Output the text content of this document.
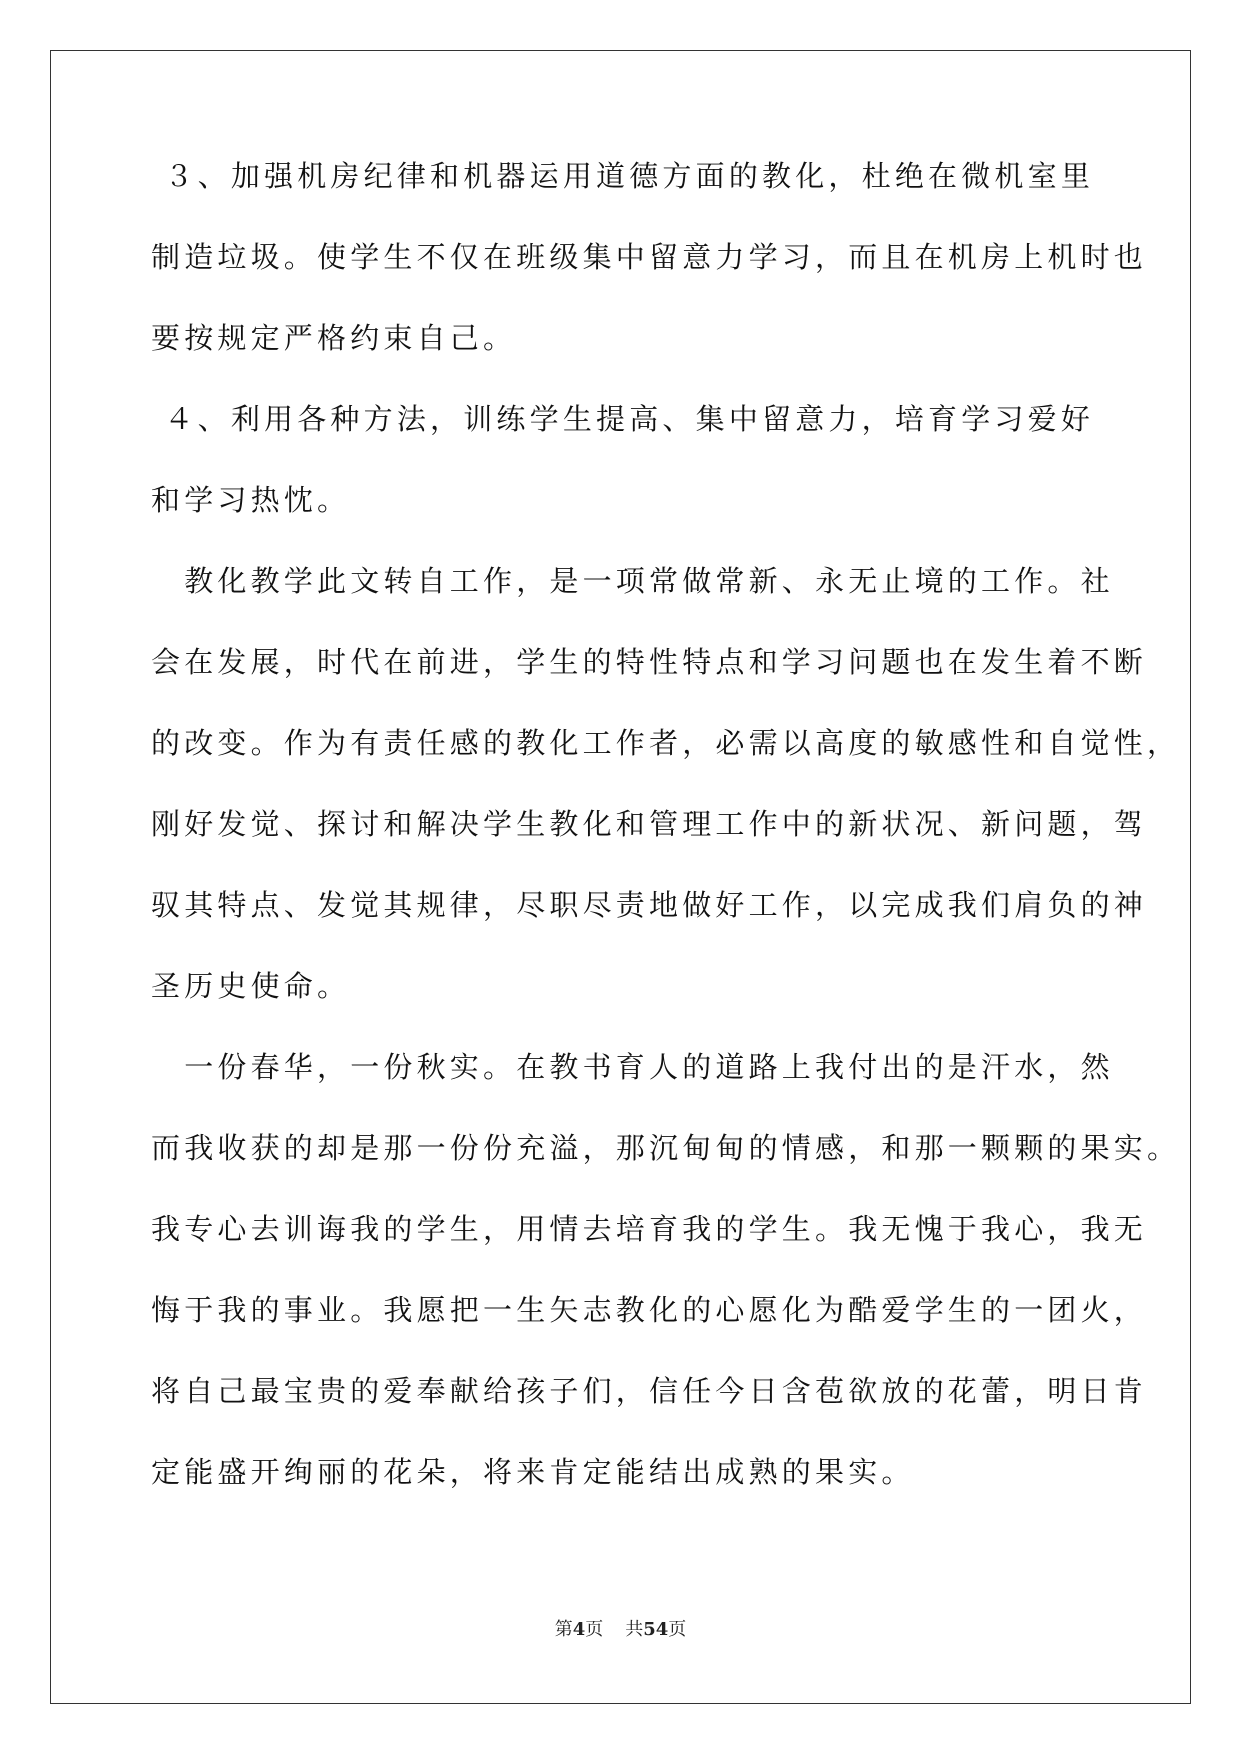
３、加强机房纪律和机器运用道德方面的教化，杜绝在微机室里
制造垃圾。使学生不仅在班级集中留意力学习，而且在机房上机时也
要按规定严格约束自己。
４、利用各种方法，训练学生提高、集中留意力，培育学习爱好
和学习热忱。
　教化教学此文转自工作，是一项常做常新、永无止境的工作。社
会在发展，时代在前进，学生的特性特点和学习问题也在发生着不断
的改变。作为有责任感的教化工作者，必需以高度的敏感性和自觉性，
刚好发觉、探讨和解决学生教化和管理工作中的新状况、新问题，驾
驭其特点、发觉其规律，尽职尽责地做好工作，以完成我们肩负的神
圣历史使命。
　一份春华，一份秋实。在教书育人的道路上我付出的是汗水，然
而我收获的却是那一份份充溢，那沉甸甸的情感，和那一颗颗的果实。
我专心去训诲我的学生，用情去培育我的学生。我无愧于我心，我无
悔于我的事业。我愿把一生矢志教化的心愿化为酷爱学生的一团火，
将自己最宝贵的爱奉献给孩子们，信任今日含苞欲放的花蕾，明日肯
定能盛开绚丽的花朵，将来肯定能结出成熟的果实。
第4页 共54页
